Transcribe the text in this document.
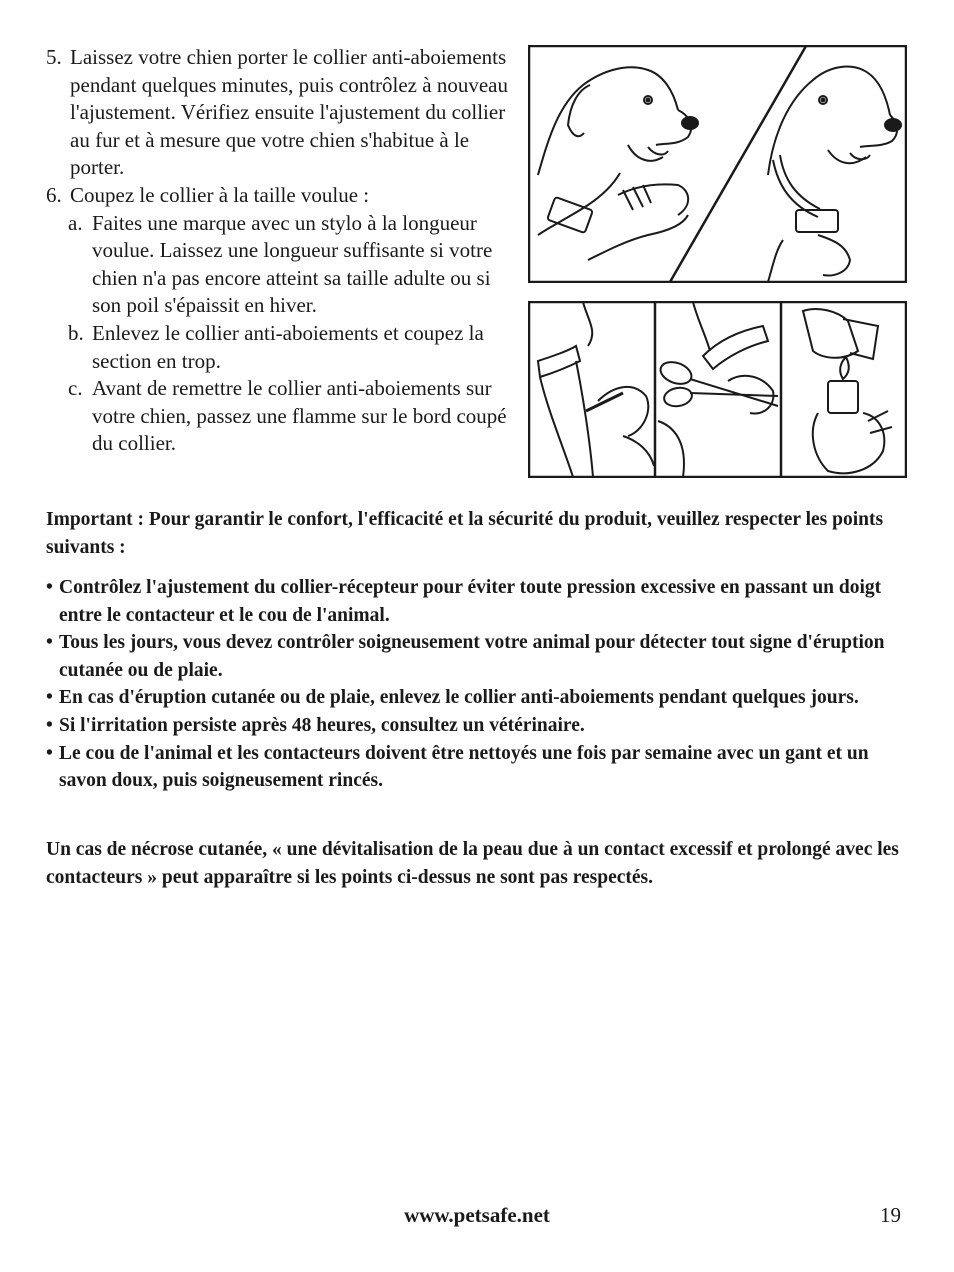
5. Laissez votre chien porter le collier anti-aboiements pendant quelques minutes, puis contrôlez à nouveau l'ajustement. Vérifiez ensuite l'ajustement du collier au fur et à mesure que votre chien s'habitue à le porter.
6. Coupez le collier à la taille voulue :
a. Faites une marque avec un stylo à la longueur voulue. Laissez une longueur suffisante si votre chien n'a pas encore atteint sa taille adulte ou si son poil s'épaissit en hiver.
b. Enlevez le collier anti-aboiements et coupez la section en trop.
c. Avant de remettre le collier anti-aboiements sur votre chien, passez une flamme sur le bord coupé du collier.
Important : Pour garantir le confort, l'efficacité et la sécurité du produit, veuillez respecter les points suivants :
• Contrôlez l'ajustement du collier-récepteur pour éviter toute pression excessive en passant un doigt entre le contacteur et le cou de l'animal.
• Tous les jours, vous devez contrôler soigneusement votre animal pour détecter tout signe d'éruption cutanée ou de plaie.
• En cas d'éruption cutanée ou de plaie, enlevez le collier anti-aboiements pendant quelques jours.
• Si l'irritation persiste après 48 heures, consultez un vétérinaire.
• Le cou de l'animal et les contacteurs doivent être nettoyés une fois par semaine avec un gant et un savon doux, puis soigneusement rincés.
Un cas de nécrose cutanée, « une dévitalisation de la peau due à un contact excessif et prolongé avec les contacteurs » peut apparaître si les points ci-dessus ne sont pas respectés.
www.petsafe.net	19
